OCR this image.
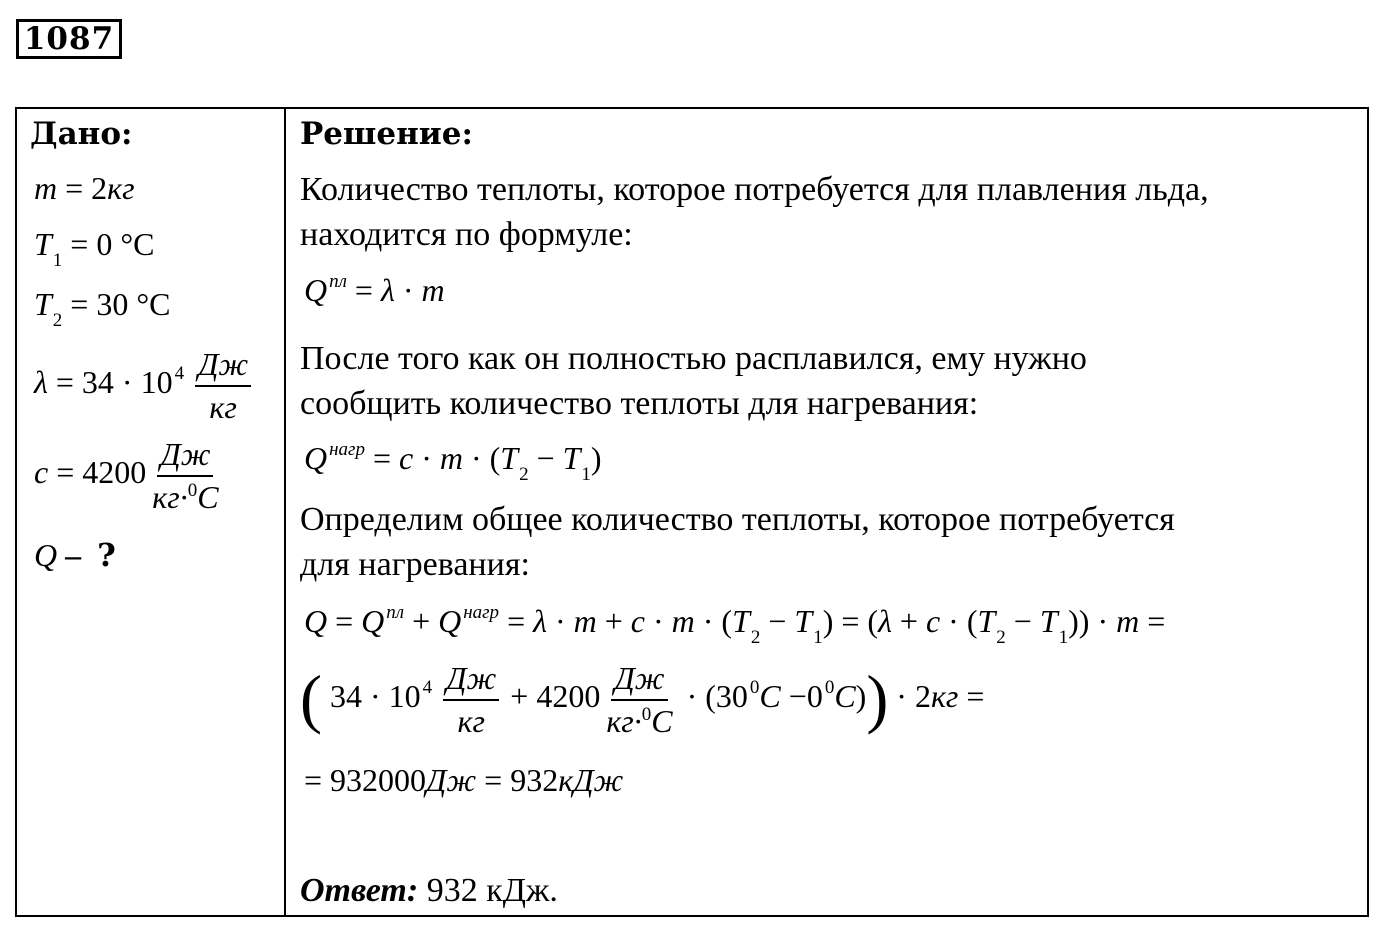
1087
Дано:
m = 2кг
$T_1 = 0$ °C
$T_2 = 30$ °C
λ = 34 · 10 $^4 \frac{Дж}{кг}$
$c = 4200 \frac{Дж}{кг\cdot^0C}$
Q – ?
Решение:
Количество теплоты, которое потребуется для плавления льда,
находится по формуле:
Q $^{пл}$ = λ · m
После того как он полностью расплавился, ему нужно
сообщить количество теплоты для нагревания:
Q $^{нагр} = c \cdot m \cdot (T_2 - T_1)$
Определим общее количество теплоты, которое потребуется
для нагревания:
Q = Q $^{пл}$ + Q $^{нагр} = \lambda \cdot m + c \cdot m \cdot (T_2 - T_1) = (\lambda + c \cdot (T_2 - T_1)) \cdot m$ =
( 34 · 10 $^4 \frac{Дж}{кг} + 4200 \frac{Дж}{кг\cdot^0C} \cdot (30$ $^0$C −0 $^0$C)) · 2кг =
= 932000Дж = 932кДж
Ответ: 932 кДж.
